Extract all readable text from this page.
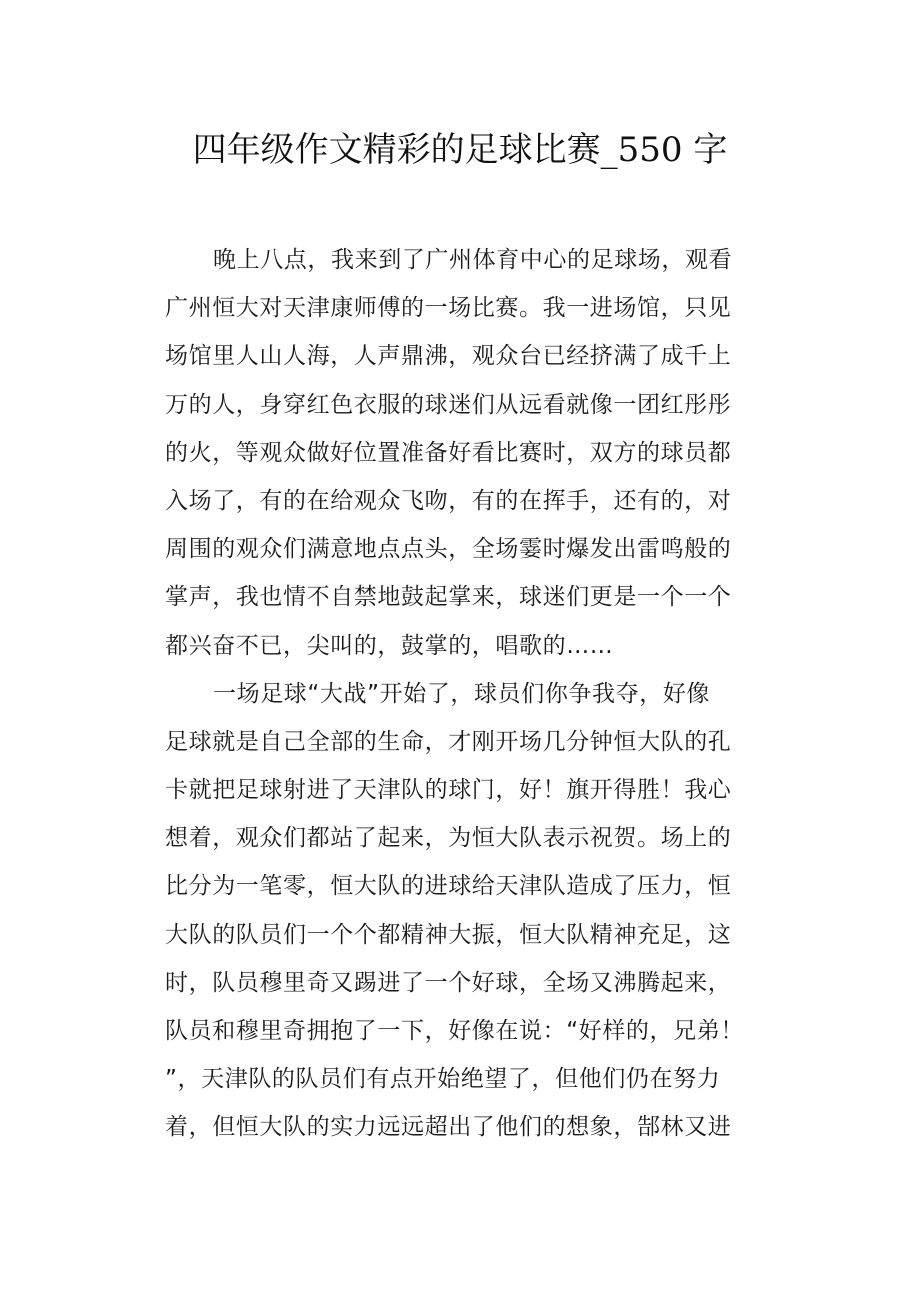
四年级作文精彩的足球比赛_550 字
晚上八点，我来到了广州体育中心的足球场，观看
广州恒大对天津康师傅的一场比赛。我一进场馆，只见
场馆里人山人海，人声鼎沸，观众台已经挤满了成千上
万的人，身穿红色衣服的球迷们从远看就像一团红彤彤
的火，等观众做好位置准备好看比赛时，双方的球员都
入场了，有的在给观众飞吻，有的在挥手，还有的，对
周围的观众们满意地点点头，全场霎时爆发出雷鸣般的
掌声，我也情不自禁地鼓起掌来，球迷们更是一个一个
都兴奋不已，尖叫的，鼓掌的，唱歌的……
一场足球“大战”开始了，球员们你争我夺，好像
足球就是自己全部的生命，才刚开场几分钟恒大队的孔
卡就把足球射进了天津队的球门，好！旗开得胜！我心
想着，观众们都站了起来，为恒大队表示祝贺。场上的
比分为一笔零，恒大队的进球给天津队造成了压力，恒
大队的队员们一个个都精神大振，恒大队精神充足，这
时，队员穆里奇又踢进了一个好球，全场又沸腾起来，
队员和穆里奇拥抱了一下，好像在说：“好样的，兄弟！
”，天津队的队员们有点开始绝望了，但他们仍在努力
着，但恒大队的实力远远超出了他们的想象，郜林又进
